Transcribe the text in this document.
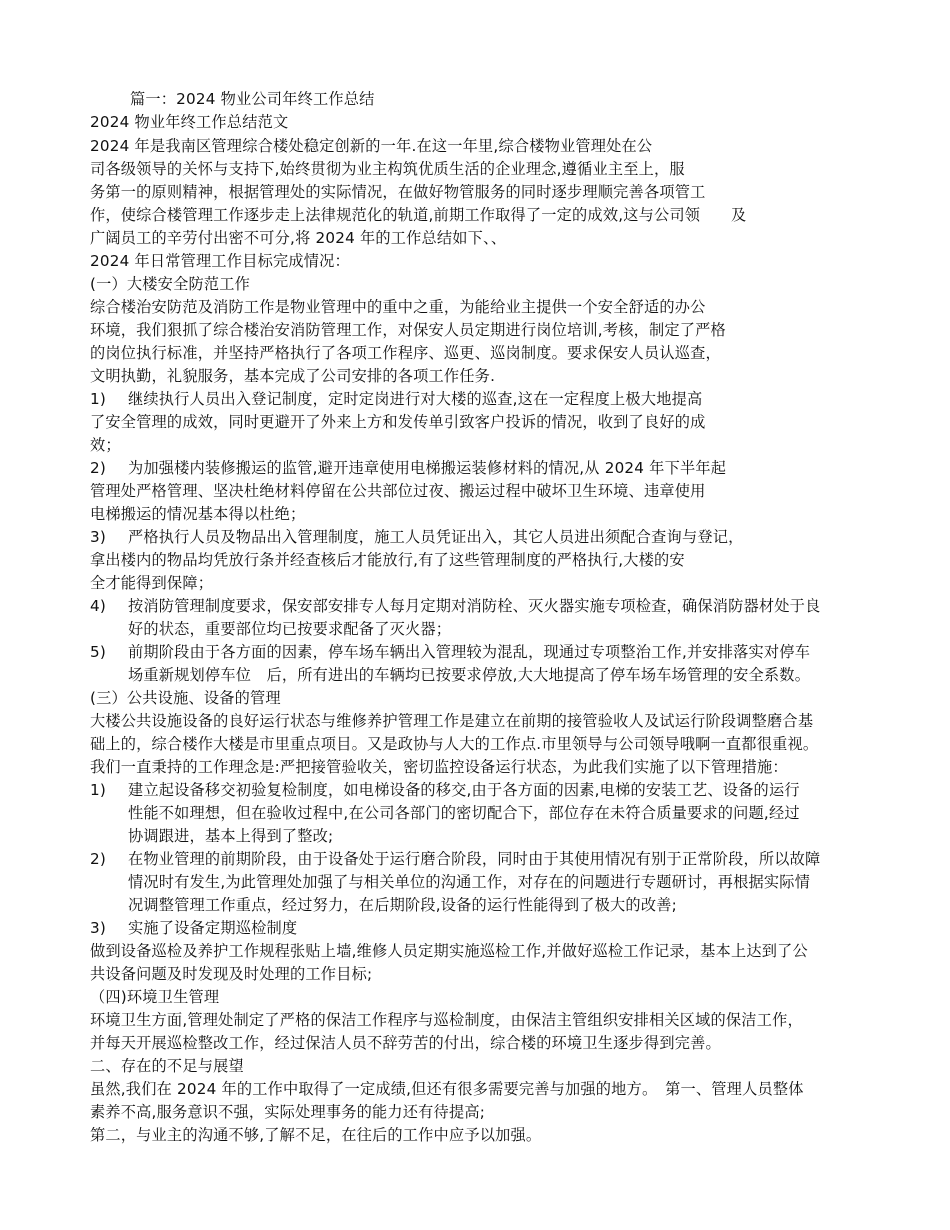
篇一：2024 物业公司年终工作总结
2024 物业年终工作总结范文
2024 年是我南区管理综合楼处稳定创新的一年.在这一年里,综合楼物业管理处在公
司各级领导的关怀与支持下,始终贯彻为业主构筑优质生活的企业理念,遵循业主至上，服
务第一的原则精神，根据管理处的实际情况，在做好物管服务的同时逐步理顺完善各项管工
作，使综合楼管理工作逐步走上法律规范化的轨道,前期工作取得了一定的成效,这与公司领　　及
广阔员工的辛劳付出密不可分,将 2024 年的工作总结如下、、
2024 年日常管理工作目标完成情况：
(一）大楼安全防范工作
综合楼治安防范及消防工作是物业管理中的重中之重，为能给业主提供一个安全舒适的办公
环境，我们狠抓了综合楼治安消防管理工作，对保安人员定期进行岗位培训,考核，制定了严格
的岗位执行标准，并坚持严格执行了各项工作程序、巡更、巡岗制度。要求保安人员认巡查，
文明执勤，礼貌服务，基本完成了公司安排的各项工作任务.
1) 继续执行人员出入登记制度，定时定岗进行对大楼的巡查,这在一定程度上极大地提高
了安全管理的成效，同时更避开了外来上方和发传单引致客户投诉的情况，收到了良好的成
效；
2) 为加强楼内装修搬运的监管,避开违章使用电梯搬运装修材料的情况,从 2024 年下半年起
管理处严格管理、坚决杜绝材料停留在公共部位过夜、搬运过程中破坏卫生环境、违章使用
电梯搬运的情况基本得以杜绝；
3) 严格执行人员及物品出入管理制度，施工人员凭证出入，其它人员进出须配合查询与登记，
拿出楼内的物品均凭放行条并经查核后才能放行,有了这些管理制度的严格执行,大楼的安
全才能得到保障；
4) 按消防管理制度要求，保安部安排专人每月定期对消防栓、灭火器实施专项检查，确保消防器材处于良
好的状态，重要部位均已按要求配备了灭火器；
5) 前期阶段由于各方面的因素，停车场车辆出入管理较为混乱，现通过专项整治工作,并安排落实对停车
场重新规划停车位　后，所有进出的车辆均已按要求停放,大大地提高了停车场车场管理的安全系数。
(三）公共设施、设备的管理
大楼公共设施设备的良好运行状态与维修养护管理工作是建立在前期的接管验收人及试运行阶段调整磨合基
础上的，综合楼作大楼是市里重点项目。又是政协与人大的工作点.市里领导与公司领导哦啊一直都很重视。
我们一直秉持的工作理念是:严把接管验收关，密切监控设备运行状态，为此我们实施了以下管理措施：
1) 建立起设备移交初验复检制度，如电梯设备的移交,由于各方面的因素,电梯的安装工艺、设备的运行
性能不如理想，但在验收过程中,在公司各部门的密切配合下，部位存在未符合质量要求的问题,经过
协调跟进，基本上得到了整改;
2) 在物业管理的前期阶段，由于设备处于运行磨合阶段，同时由于其使用情况有别于正常阶段，所以故障
情况时有发生,为此管理处加强了与相关单位的沟通工作，对存在的问题进行专题研讨，再根据实际情
况调整管理工作重点，经过努力，在后期阶段,设备的运行性能得到了极大的改善;
3) 实施了设备定期巡检制度
做到设备巡检及养护工作规程张贴上墙,维修人员定期实施巡检工作,并做好巡检工作记录，基本上达到了公
共设备问题及时发现及时处理的工作目标;
（四)环境卫生管理
环境卫生方面,管理处制定了严格的保洁工作程序与巡检制度，由保洁主管组织安排相关区域的保洁工作，
并每天开展巡检整改工作，经过保洁人员不辞劳苦的付出，综合楼的环境卫生逐步得到完善。
二、存在的不足与展望
虽然,我们在 2024 年的工作中取得了一定成绩,但还有很多需要完善与加强的地方。　第一、管理人员整体
素养不高,服务意识不强，实际处理事务的能力还有待提高;
第二，与业主的沟通不够,了解不足，在往后的工作中应予以加强。
